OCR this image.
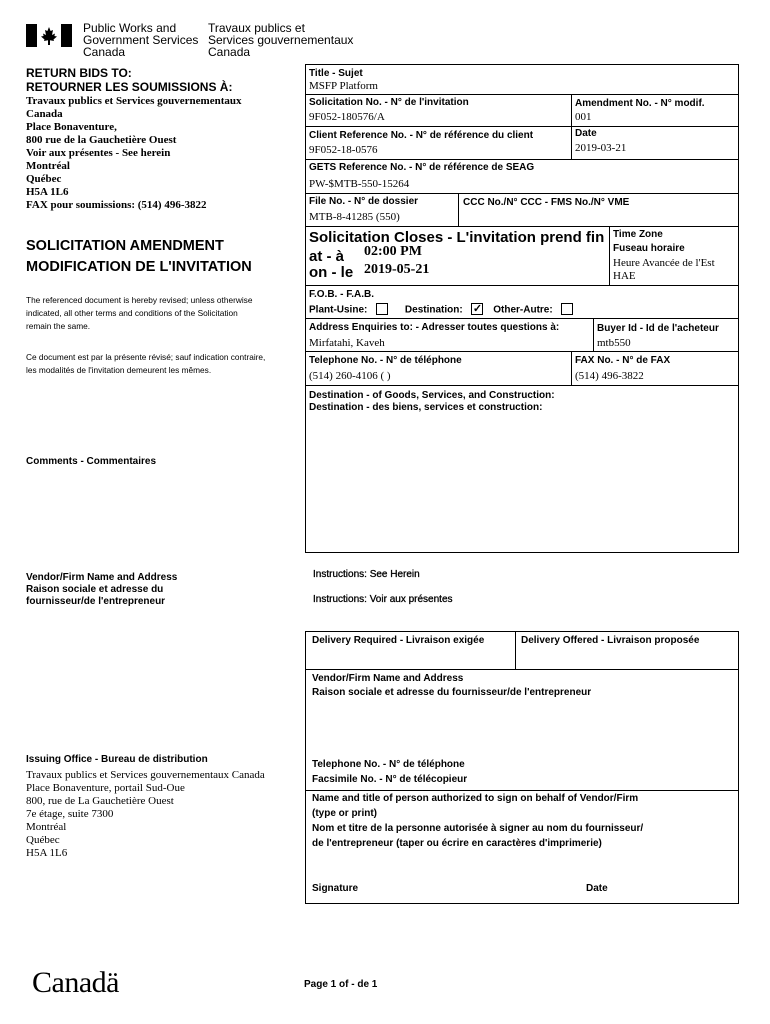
Public Works and
Government Services
Canada
Travaux publics et
Services gouvernementaux
Canada
RETURN BIDS TO:
RETOURNER LES SOUMISSIONS À:
Travaux publics et Services gouvernementaux
Canada
Place Bonaventure,
800 rue de la Gauchetière Ouest
Voir aux présentes - See herein
Montréal
Québec
H5A 1L6
FAX pour soumissions: (514) 496-3822
SOLICITATION AMENDMENT
MODIFICATION DE L'INVITATION
The referenced document is hereby revised; unless otherwise
indicated, all other terms and conditions of the Solicitation
remain the same.
Ce document est par la présente révisé; sauf indication contraire,
les modalités de l'invitation demeurent les mêmes.
Comments - Commentaires
Vendor/Firm Name and Address
Raison sociale et adresse du
fournisseur/de l'entrepreneur
Issuing Office - Bureau de distribution
Travaux publics et Services gouvernementaux Canada
Place Bonaventure, portail Sud-Oue
800, rue de La Gauchetière Ouest
7e étage, suite 7300
Montréal
Québec
H5A 1L6
Title - Sujet
MSFP Platform
Solicitation No. - N° de l'invitation
9F052-180576/A
Amendment No. - N° modif.
001
Client Reference No. - N° de référence du client
9F052-18-0576
Date
2019-03-21
GETS Reference No. - N° de référence de SEAG
PW-$MTB-550-15264
File No. - N° de dossier
MTB-8-41285 (550)
CCC No./N° CCC - FMS No./N° VME
Solicitation Closes - L'invitation prend fin
at - à 02:00 PM
on - le 2019-05-21
Time Zone
Fuseau horaire
Heure Avancée de l'Est
HAE
F.O.B. - F.A.B.
Plant-Usine:	Destination: ✓ Other-Autre:
Address Enquiries to: - Adresser toutes questions à:
Mirfatahi, Kaveh
Buyer Id - Id de l'acheteur
mtb550
Telephone No. - N° de téléphone
(514) 260-4106 ( )
FAX No. - N° de FAX
(514) 496-3822
Destination - of Goods, Services, and Construction:
Destination - des biens, services et construction:
Instructions: See Herein
Instructions: Voir aux présentes
Delivery Required - Livraison exigée	Delivery Offered - Livraison proposée
Vendor/Firm Name and Address
Raison sociale et adresse du fournisseur/de l'entrepreneur
Telephone No. - N° de téléphone
Facsimile No. - N° de télécopieur
Name and title of person authorized to sign on behalf of Vendor/Firm
(type or print)
Nom et titre de la personne autorisée à signer au nom du fournisseur/
de l'entrepreneur (taper ou écrire en caractères d'imprimerie)
Signature	Date
Canadä	Page 1 of - de 1
